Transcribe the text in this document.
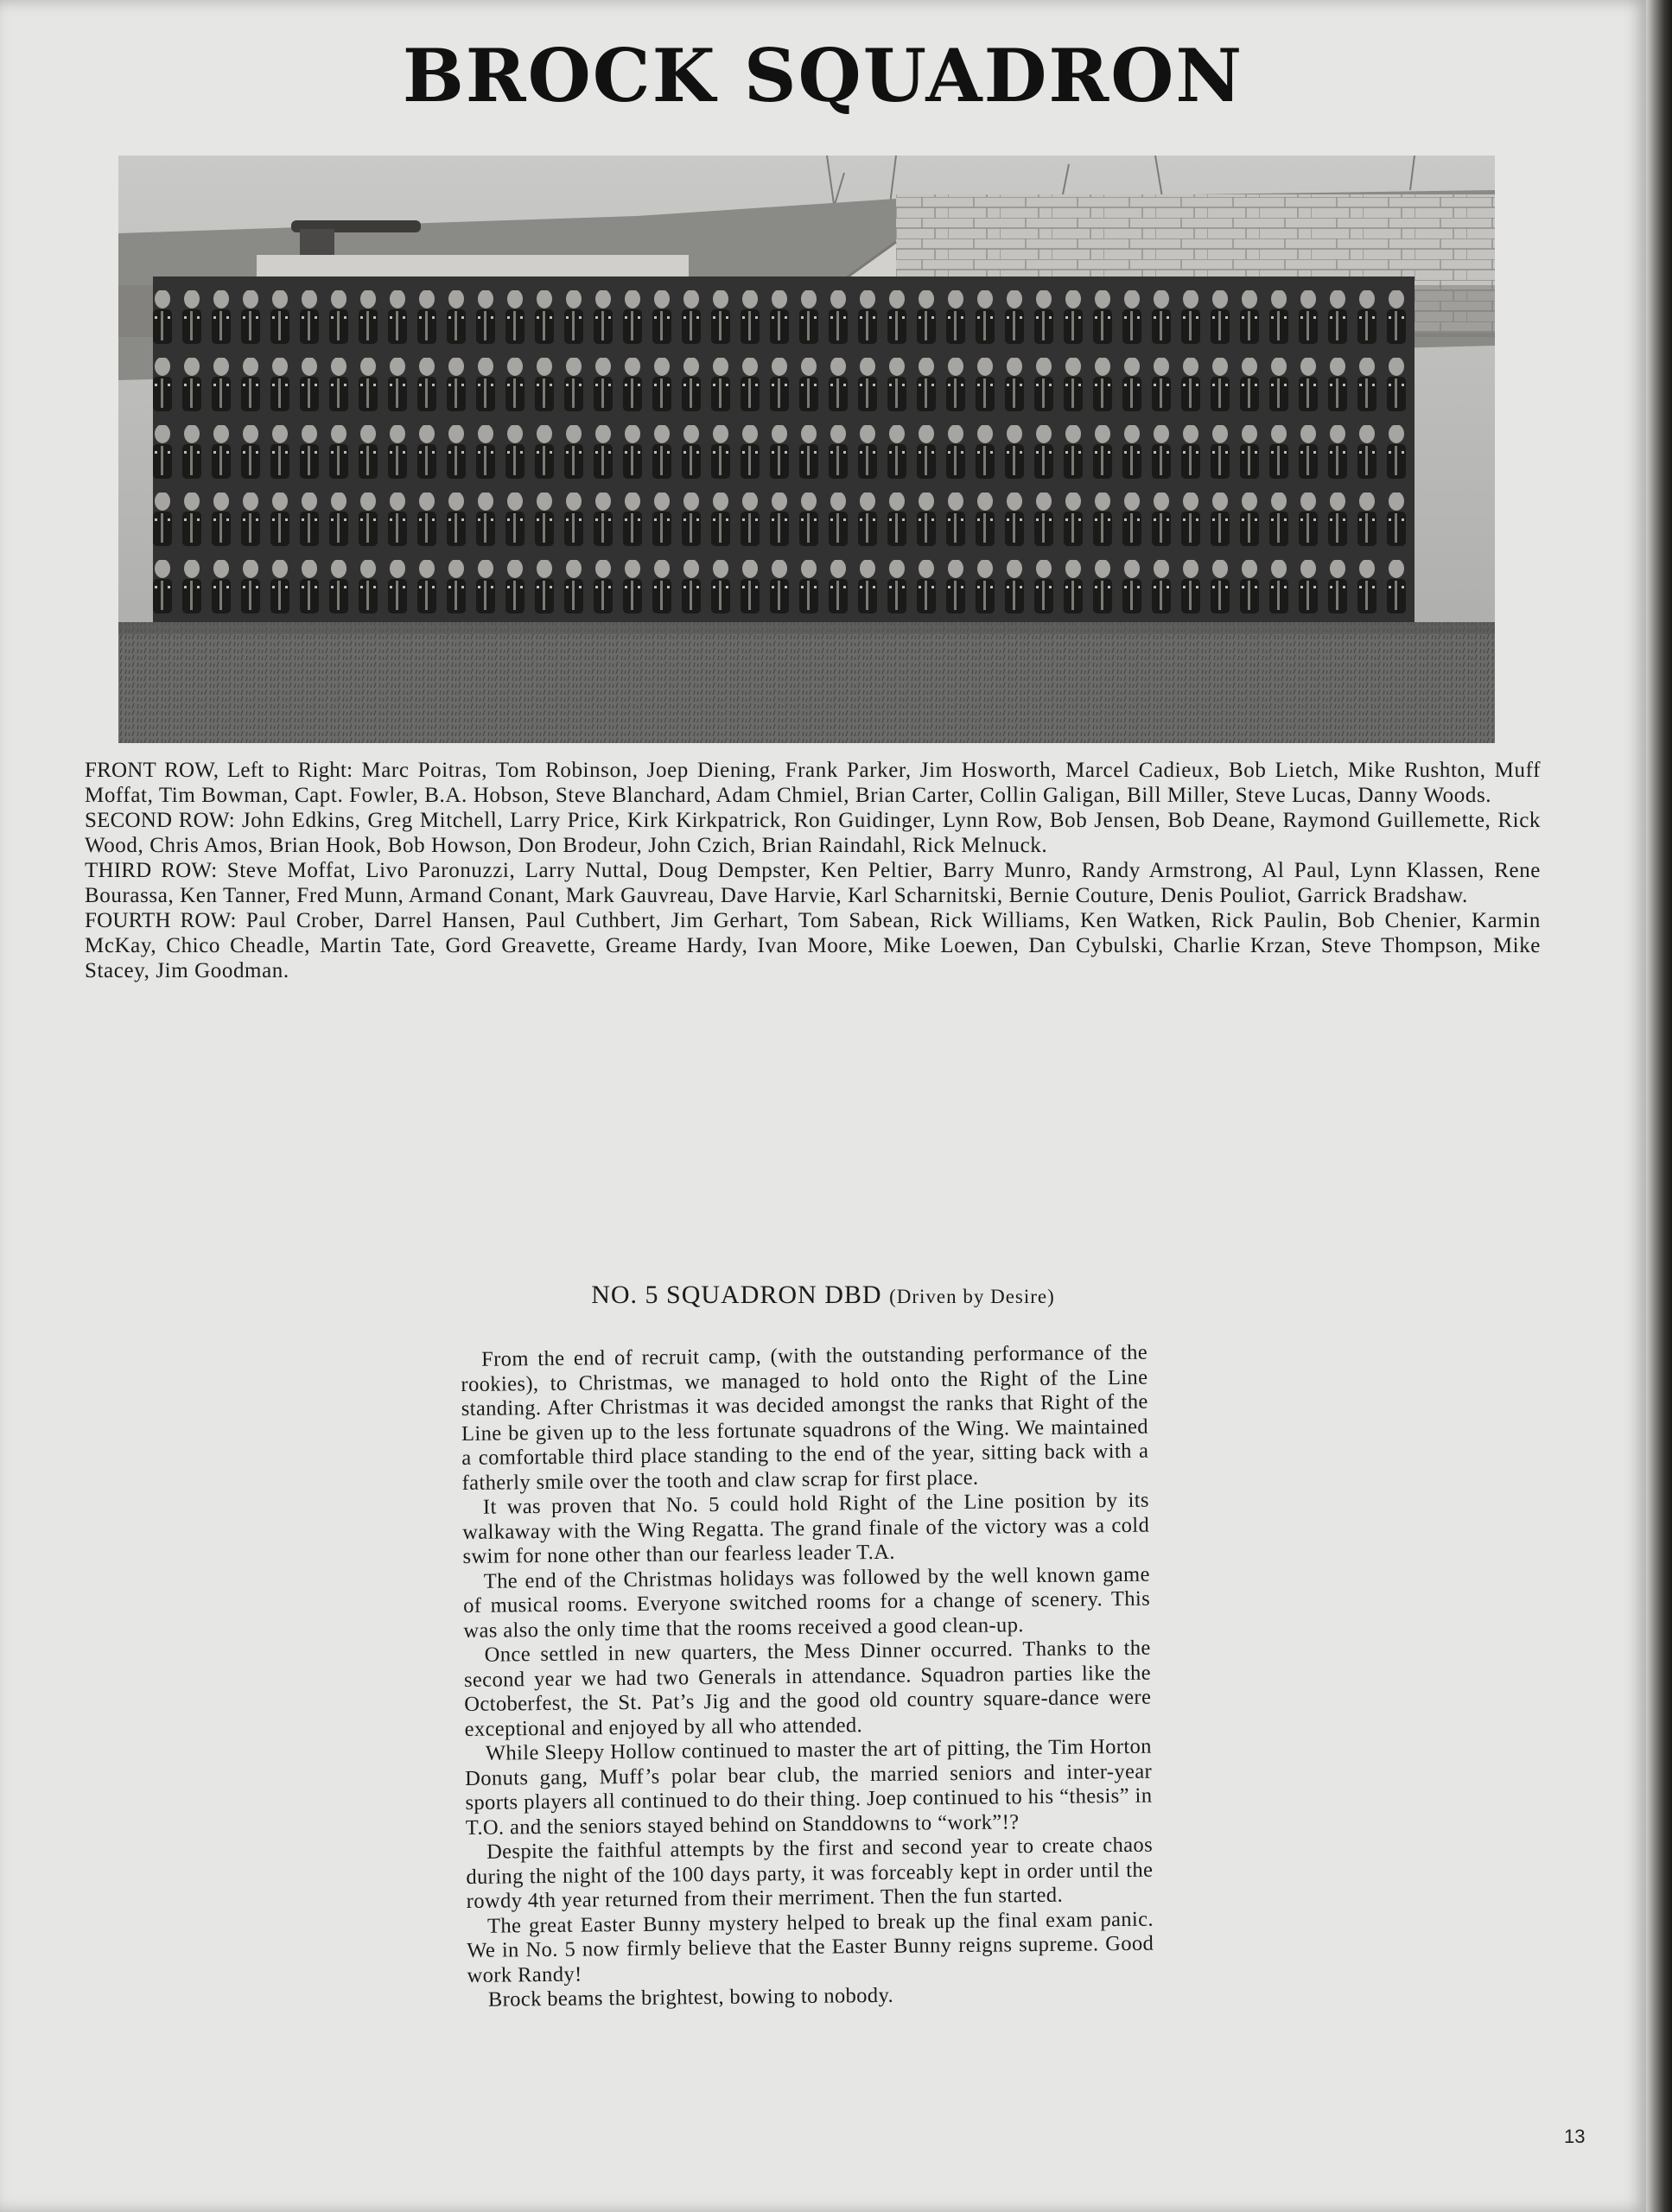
BROCK SQUADRON

FRONT ROW, Left to Right: Marc Poitras, Tom Robinson, Joep Diening, Frank Parker, Jim Hosworth, Marcel Cadieux, Bob Lietch, Mike Rushton, Muff Moffat, Tim Bowman, Capt. Fowler, B.A. Hobson, Steve Blanchard, Adam Chmiel, Brian Carter, Collin Galigan, Bill Miller, Steve Lucas, Danny Woods.

SECOND ROW: John Edkins, Greg Mitchell, Larry Price, Kirk Kirkpatrick, Ron Guidinger, Lynn Row, Bob Jensen, Bob Deane, Raymond Guillemette, Rick Wood, Chris Amos, Brian Hook, Bob Howson, Don Brodeur, John Czich, Brian Raindahl, Rick Melnuck.

THIRD ROW: Steve Moffat, Livo Paronuzzi, Larry Nuttal, Doug Dempster, Ken Peltier, Barry Munro, Randy Armstrong, Al Paul, Lynn Klassen, Rene Bourassa, Ken Tanner, Fred Munn, Armand Conant, Mark Gauvreau, Dave Harvie, Karl Scharnitski, Bernie Couture, Denis Pouliot, Garrick Bradshaw.

FOURTH ROW: Paul Crober, Darrel Hansen, Paul Cuthbert, Jim Gerhart, Tom Sabean, Rick Williams, Ken Watken, Rick Paulin, Bob Chenier, Karmin McKay, Chico Cheadle, Martin Tate, Gord Greavette, Greame Hardy, Ivan Moore, Mike Loewen, Dan Cybulski, Charlie Krzan, Steve Thompson, Mike Stacey, Jim Goodman.

NO. 5 SQUADRON DBD (Driven by Desire)

From the end of recruit camp, (with the outstanding performance of the rookies), to Christmas, we managed to hold onto the Right of the Line standing. After Christmas it was decided amongst the ranks that Right of the Line be given up to the less fortunate squadrons of the Wing. We maintained a comfortable third place standing to the end of the year, sitting back with a fatherly smile over the tooth and claw scrap for first place.

It was proven that No. 5 could hold Right of the Line position by its walkaway with the Wing Regatta. The grand finale of the victory was a cold swim for none other than our fearless leader T.A.

The end of the Christmas holidays was followed by the well known game of musical rooms. Everyone switched rooms for a change of scenery. This was also the only time that the rooms received a good clean-up.

Once settled in new quarters, the Mess Dinner occurred. Thanks to the second year we had two Generals in attendance. Squadron parties like the Octoberfest, the St. Pat’s Jig and the good old country square-dance were exceptional and enjoyed by all who attended.

While Sleepy Hollow continued to master the art of pitting, the Tim Horton Donuts gang, Muff’s polar bear club, the married seniors and inter-year sports players all continued to do their thing. Joep continued to his “thesis” in T.O. and the seniors stayed behind on Standdowns to “work”!?

Despite the faithful attempts by the first and second year to create chaos during the night of the 100 days party, it was forceably kept in order until the rowdy 4th year returned from their merriment. Then the fun started.

The great Easter Bunny mystery helped to break up the final exam panic. We in No. 5 now firmly believe that the Easter Bunny reigns supreme. Good work Randy!

Brock beams the brightest, bowing to nobody.

13
